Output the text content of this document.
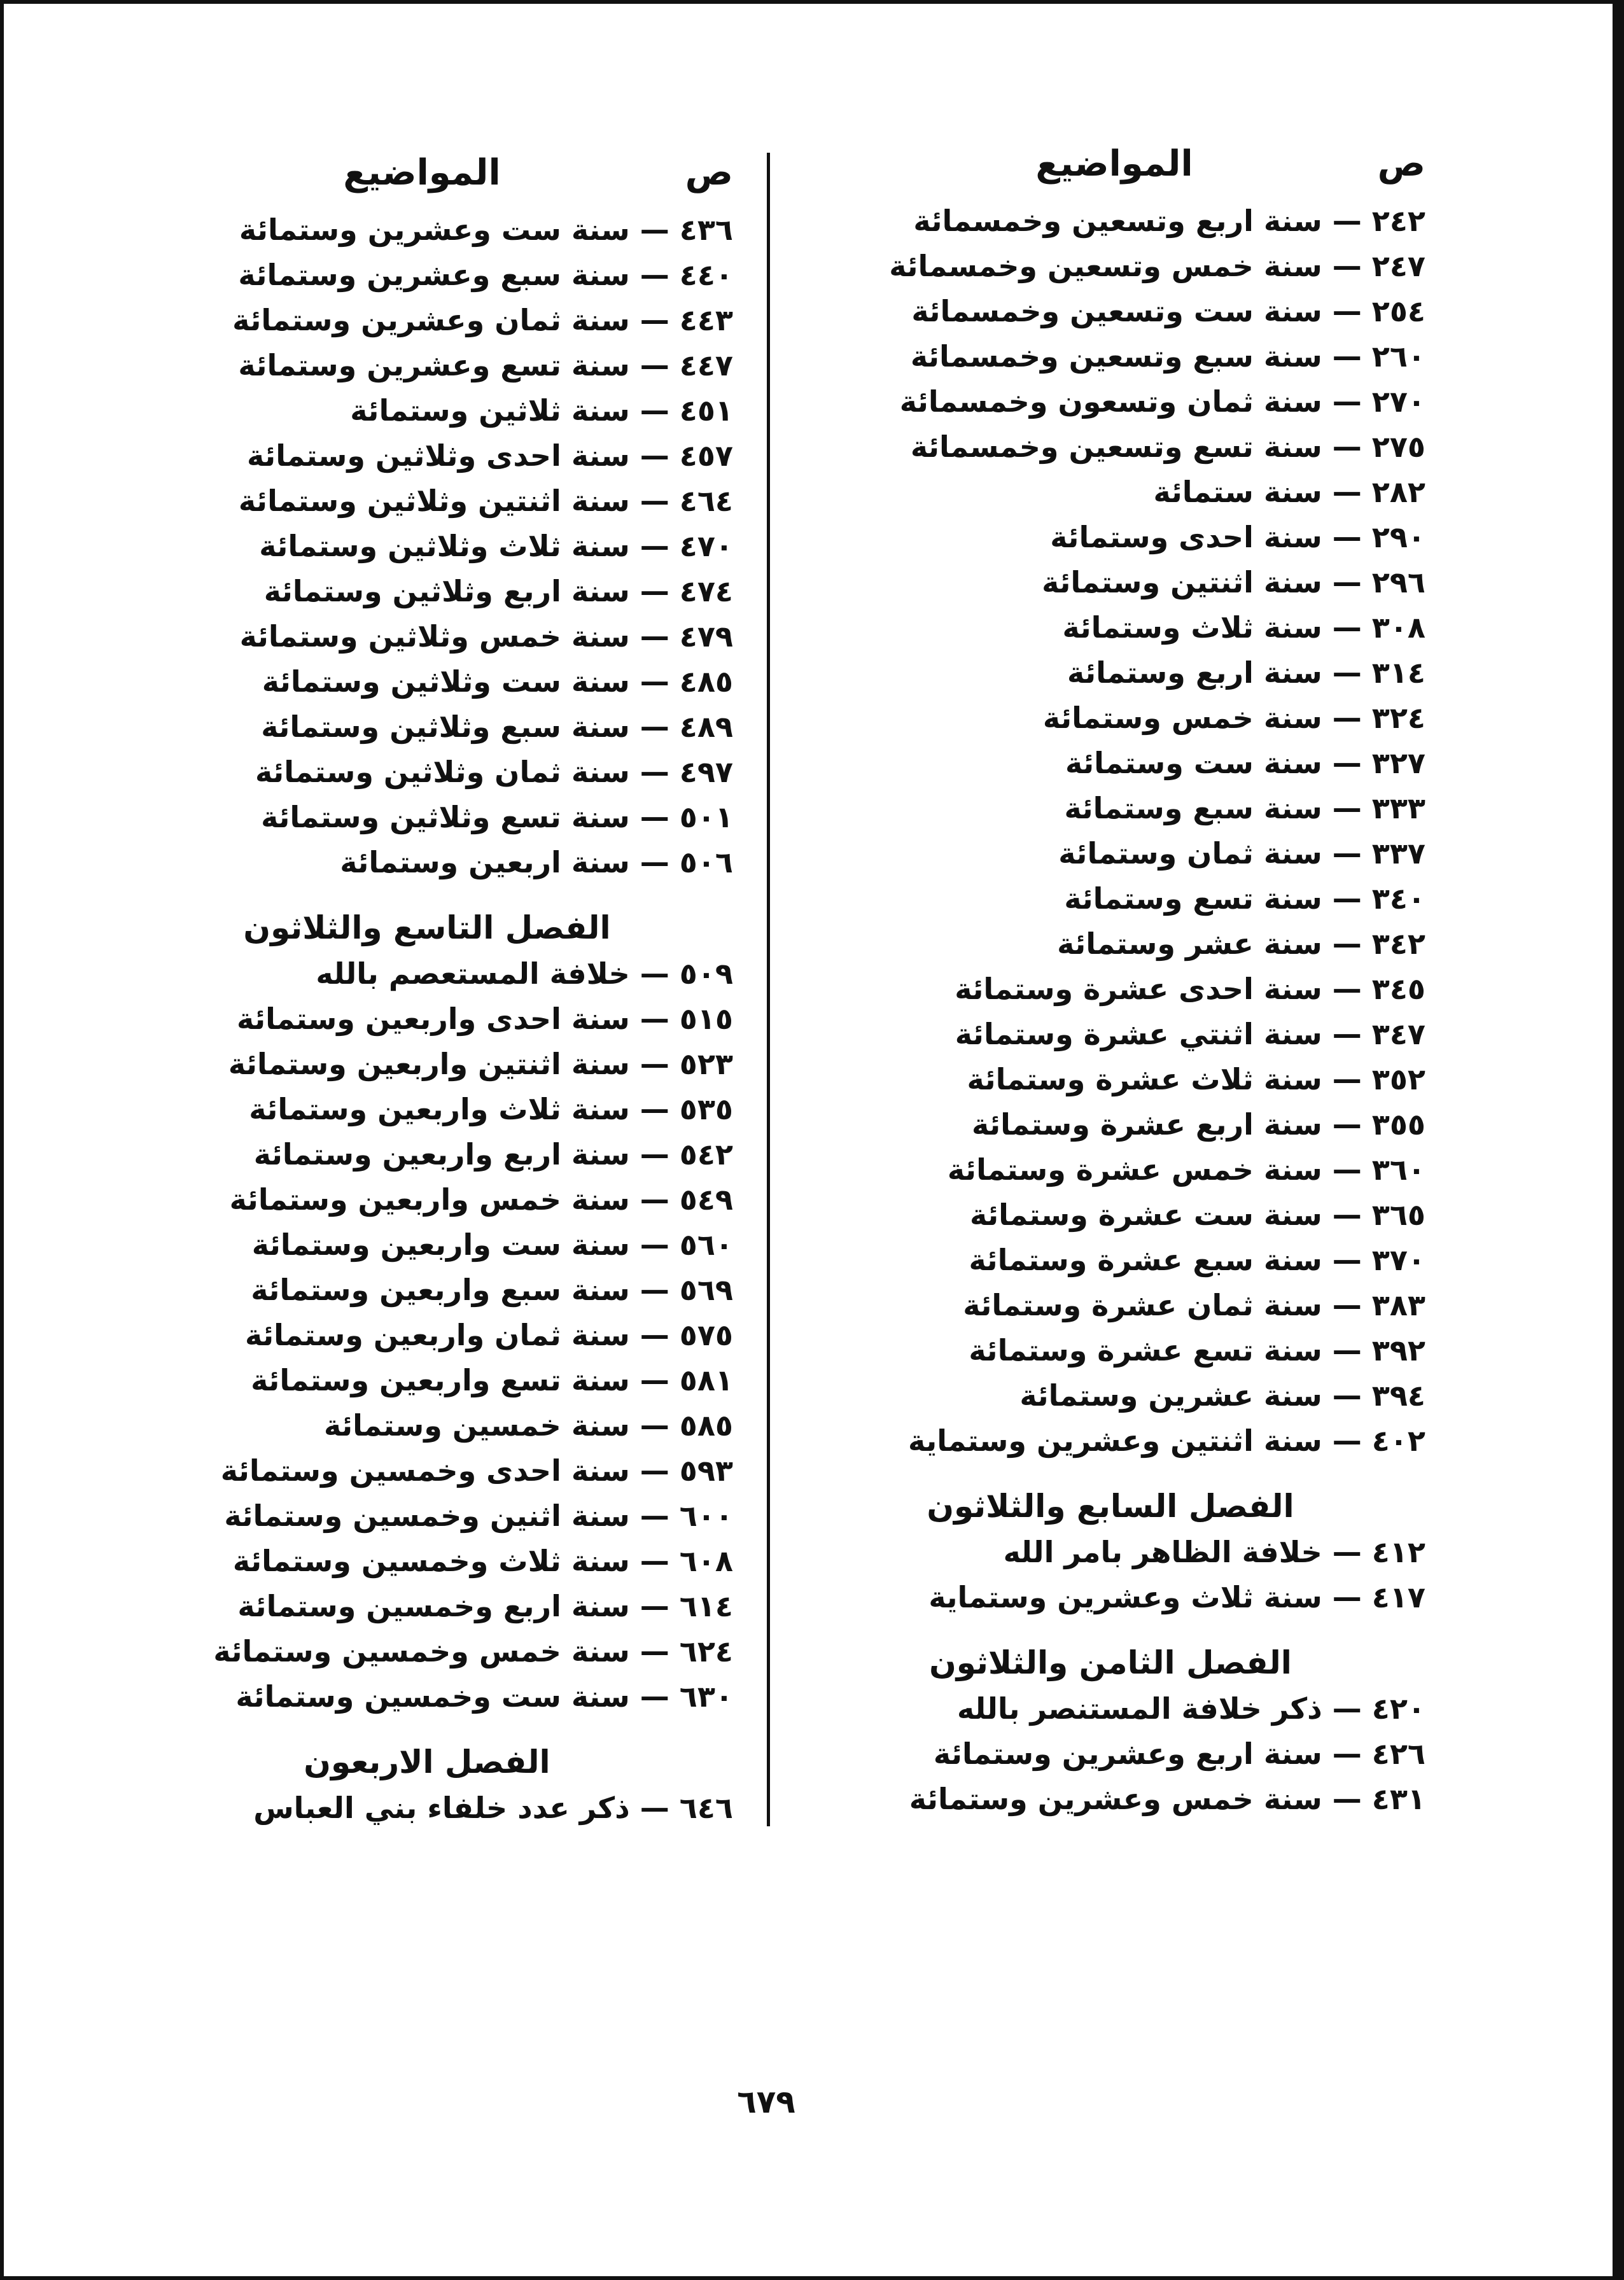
ص
المواضيع
٢٤٢—سنة اربع وتسعين وخمسمائة
٢٤٧—سنة خمس وتسعين وخمسمائة
٢٥٤—سنة ست وتسعين وخمسمائة
٢٦٠—سنة سبع وتسعين وخمسمائة
٢٧٠—سنة ثمان وتسعون وخمسمائة
٢٧٥—سنة تسع وتسعين وخمسمائة
٢٨٢—سنة ستمائة
٢٩٠—سنة احدى وستمائة
٢٩٦—سنة اثنتين وستمائة
٣٠٨—سنة ثلاث وستمائة
٣١٤—سنة اربع وستمائة
٣٢٤—سنة خمس وستمائة
٣٢٧—سنة ست وستمائة
٣٣٣—سنة سبع وستمائة
٣٣٧—سنة ثمان وستمائة
٣٤٠—سنة تسع وستمائة
٣٤٢—سنة عشر وستمائة
٣٤٥—سنة احدى عشرة وستمائة
٣٤٧—سنة اثنتي عشرة وستمائة
٣٥٢—سنة ثلاث عشرة وستمائة
٣٥٥—سنة اربع عشرة وستمائة
٣٦٠—سنة خمس عشرة وستمائة
٣٦٥—سنة ست عشرة وستمائة
٣٧٠—سنة سبع عشرة وستمائة
٣٨٣—سنة ثمان عشرة وستمائة
٣٩٢—سنة تسع عشرة وستمائة
٣٩٤—سنة عشرين وستمائة
٤٠٢—سنة اثنتين وعشرين وستماية
الفصل السابع والثلاثون
٤١٢—خلافة الظاهر بامر الله
٤١٧—سنة ثلاث وعشرين وستماية
الفصل الثامن والثلاثون
٤٢٠—ذكر خلافة المستنصر بالله
٤٢٦—سنة اربع وعشرين وستمائة
٤٣١—سنة خمس وعشرين وستمائة
ص
المواضيع
٤٣٦—سنة ست وعشرين وستمائة
٤٤٠—سنة سبع وعشرين وستمائة
٤٤٣—سنة ثمان وعشرين وستمائة
٤٤٧—سنة تسع وعشرين وستمائة
٤٥١—سنة ثلاثين وستمائة
٤٥٧—سنة احدى وثلاثين وستمائة
٤٦٤—سنة اثنتين وثلاثين وستمائة
٤٧٠—سنة ثلاث وثلاثين وستمائة
٤٧٤—سنة اربع وثلاثين وستمائة
٤٧٩—سنة خمس وثلاثين وستمائة
٤٨٥—سنة ست وثلاثين وستمائة
٤٨٩—سنة سبع وثلاثين وستمائة
٤٩٧—سنة ثمان وثلاثين وستمائة
٥٠١—سنة تسع وثلاثين وستمائة
٥٠٦—سنة اربعين وستمائة
الفصل التاسع والثلاثون
٥٠٩—خلافة المستعصم بالله
٥١٥—سنة احدى واربعين وستمائة
٥٢٣—سنة اثنتين واربعين وستمائة
٥٣٥—سنة ثلاث واربعين وستمائة
٥٤٢—سنة اربع واربعين وستمائة
٥٤٩—سنة خمس واربعين وستمائة
٥٦٠—سنة ست واربعين وستمائة
٥٦٩—سنة سبع واربعين وستمائة
٥٧٥—سنة ثمان واربعين وستمائة
٥٨١—سنة تسع واربعين وستمائة
٥٨٥—سنة خمسين وستمائة
٥٩٣—سنة احدى وخمسين وستمائة
٦٠٠—سنة اثنين وخمسين وستمائة
٦٠٨—سنة ثلاث وخمسين وستمائة
٦١٤—سنة اربع وخمسين وستمائة
٦٢٤—سنة خمس وخمسين وستمائة
٦٣٠—سنة ست وخمسين وستمائة
الفصل الاربعون
٦٤٦—ذكر عدد خلفاء بني العباس
٦٧٩
